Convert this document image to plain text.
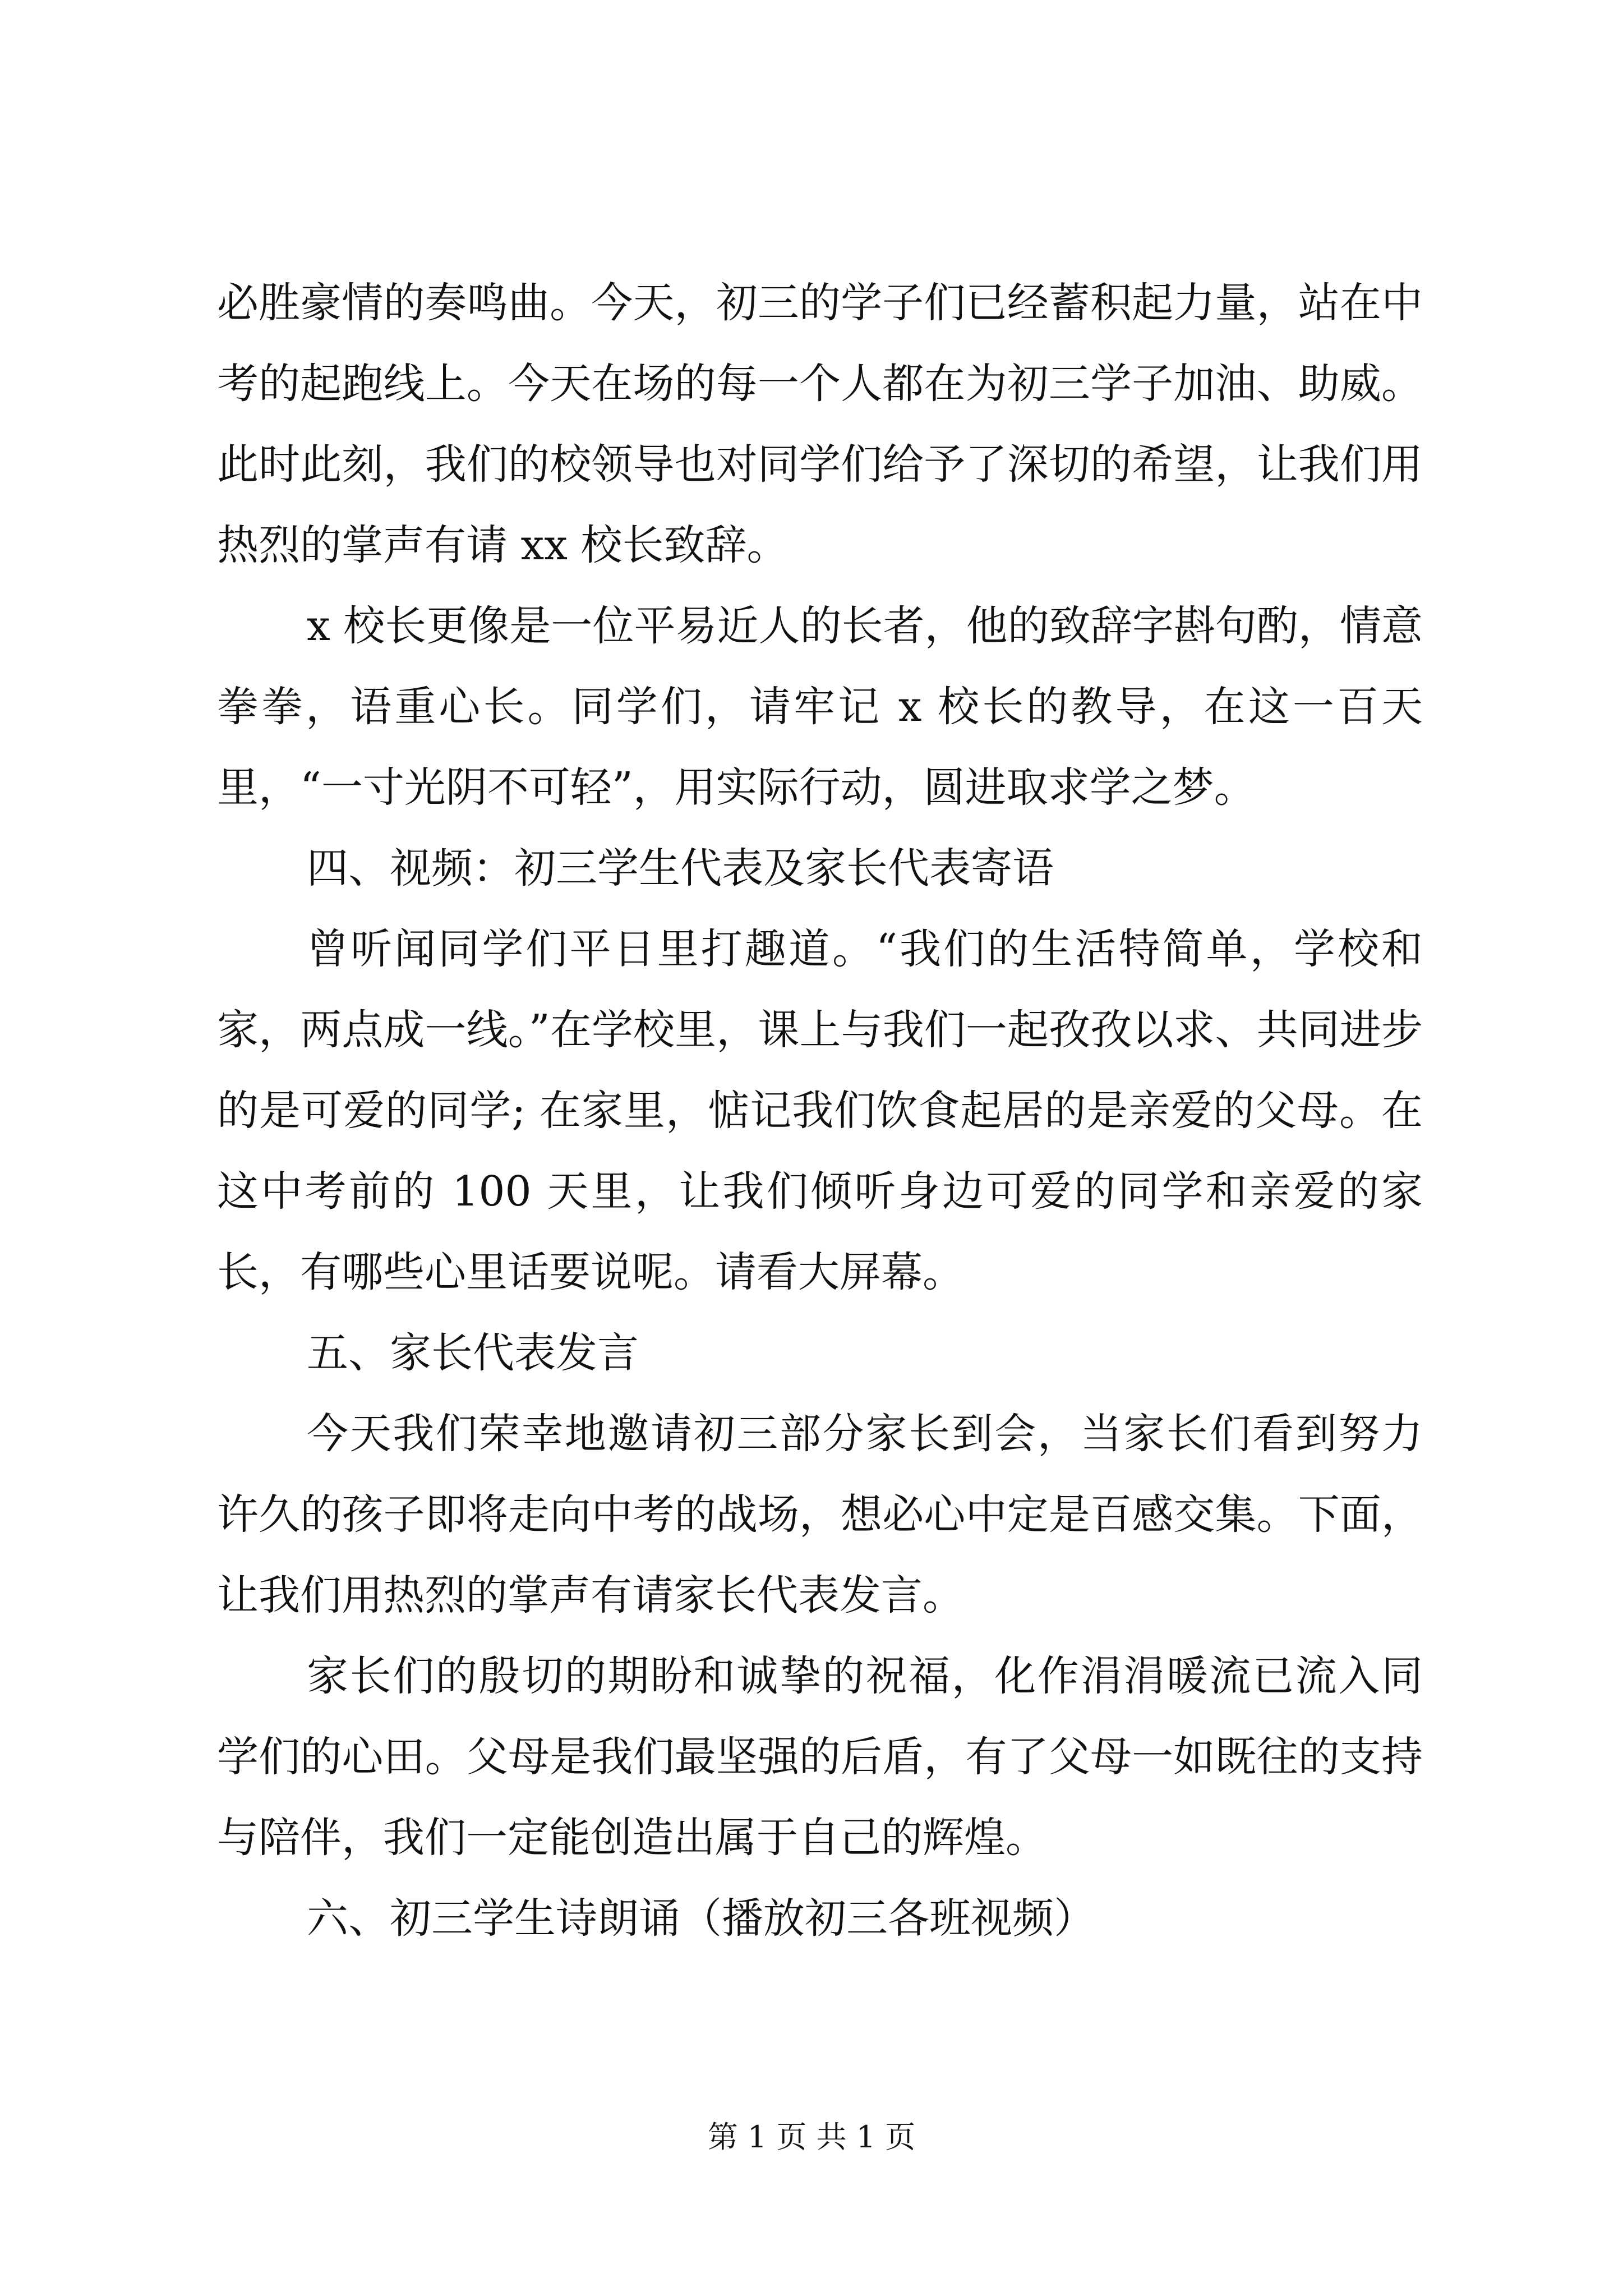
必胜豪情的奏鸣曲。今天，初三的学子们已经蓄积起力量，站在中考的起跑线上。今天在场的每一个人都在为初三学子加油、助威。此时此刻，我们的校领导也对同学们给予了深切的希望，让我们用热烈的掌声有请 xx 校长致辞。

x 校长更像是一位平易近人的长者，他的致辞字斟句酌，情意拳拳，语重心长。同学们，请牢记 x 校长的教导，在这一百天里，“一寸光阴不可轻”，用实际行动，圆进取求学之梦。

四、视频：初三学生代表及家长代表寄语

曾听闻同学们平日里打趣道。“我们的生活特简单，学校和家，两点成一线。”在学校里，课上与我们一起孜孜以求、共同进步的是可爱的同学; 在家里，惦记我们饮食起居的是亲爱的父母。在这中考前的 100 天里，让我们倾听身边可爱的同学和亲爱的家长，有哪些心里话要说呢。请看大屏幕。

五、家长代表发言

今天我们荣幸地邀请初三部分家长到会，当家长们看到努力许久的孩子即将走向中考的战场，想必心中定是百感交集。下面，让我们用热烈的掌声有请家长代表发言。

家长们的殷切的期盼和诚挚的祝福，化作涓涓暖流已流入同学们的心田。父母是我们最坚强的后盾，有了父母一如既往的支持与陪伴，我们一定能创造出属于自己的辉煌。

六、初三学生诗朗诵（播放初三各班视频）

第 1 页 共 1 页
